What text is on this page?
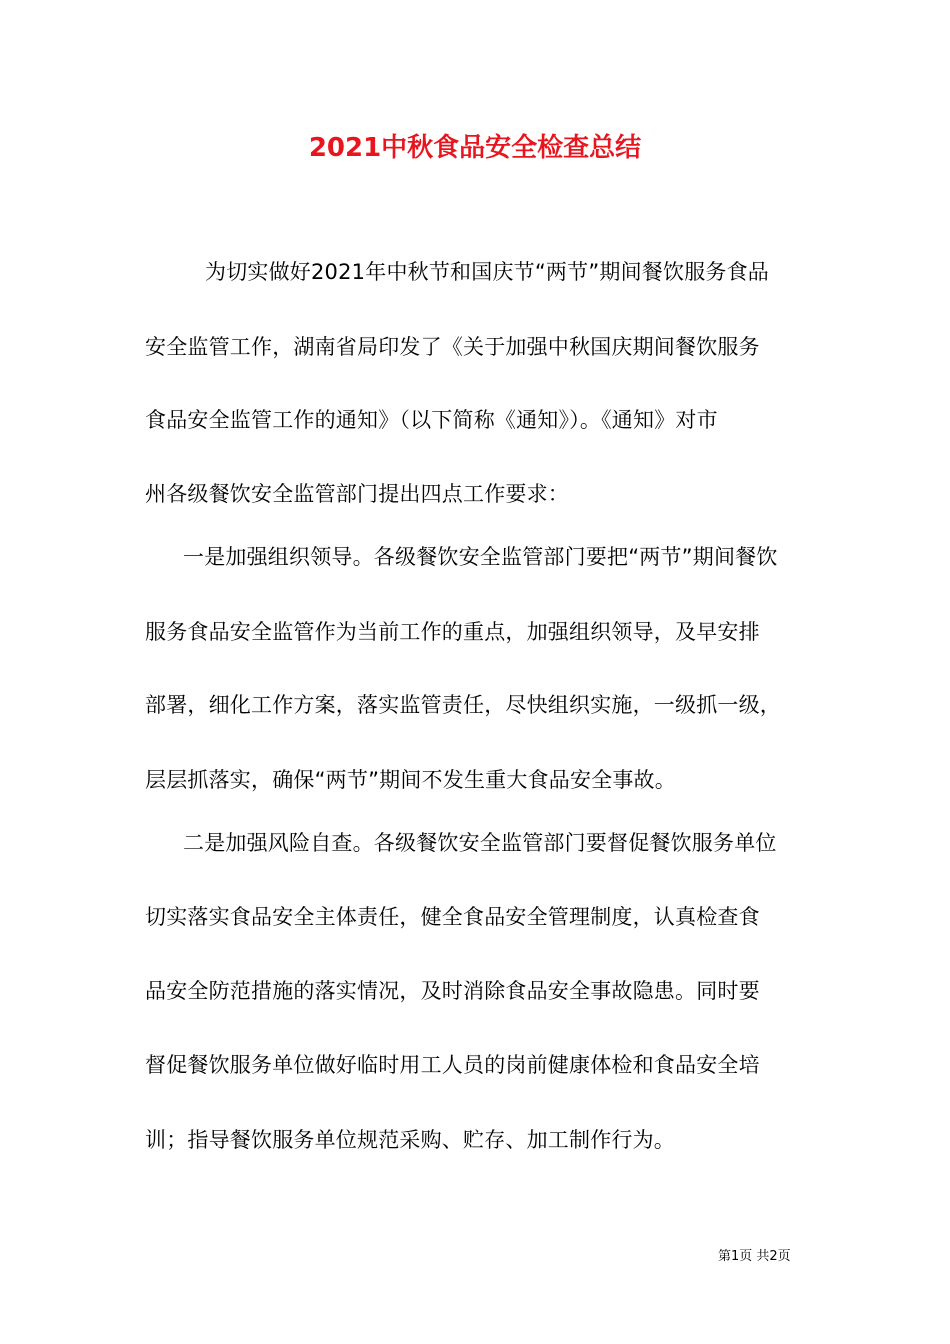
2021中秋食品安全检查总结
为切实做好2021年中秋节和国庆节“两节”期间餐饮服务食品
安全监管工作，湖南省局印发了《关于加强中秋国庆期间餐饮服务
食品安全监管工作的通知》（以下简称《通知》）。《通知》对市
州各级餐饮安全监管部门提出四点工作要求：
一是加强组织领导。各级餐饮安全监管部门要把“两节”期间餐饮
服务食品安全监管作为当前工作的重点，加强组织领导，及早安排
部署，细化工作方案，落实监管责任，尽快组织实施，一级抓一级，
层层抓落实，确保“两节”期间不发生重大食品安全事故。
二是加强风险自查。各级餐饮安全监管部门要督促餐饮服务单位
切实落实食品安全主体责任，健全食品安全管理制度，认真检查食
品安全防范措施的落实情况，及时消除食品安全事故隐患。同时要
督促餐饮服务单位做好临时用工人员的岗前健康体检和食品安全培
训；指导餐饮服务单位规范采购、贮存、加工制作行为。
第1页 共2页
